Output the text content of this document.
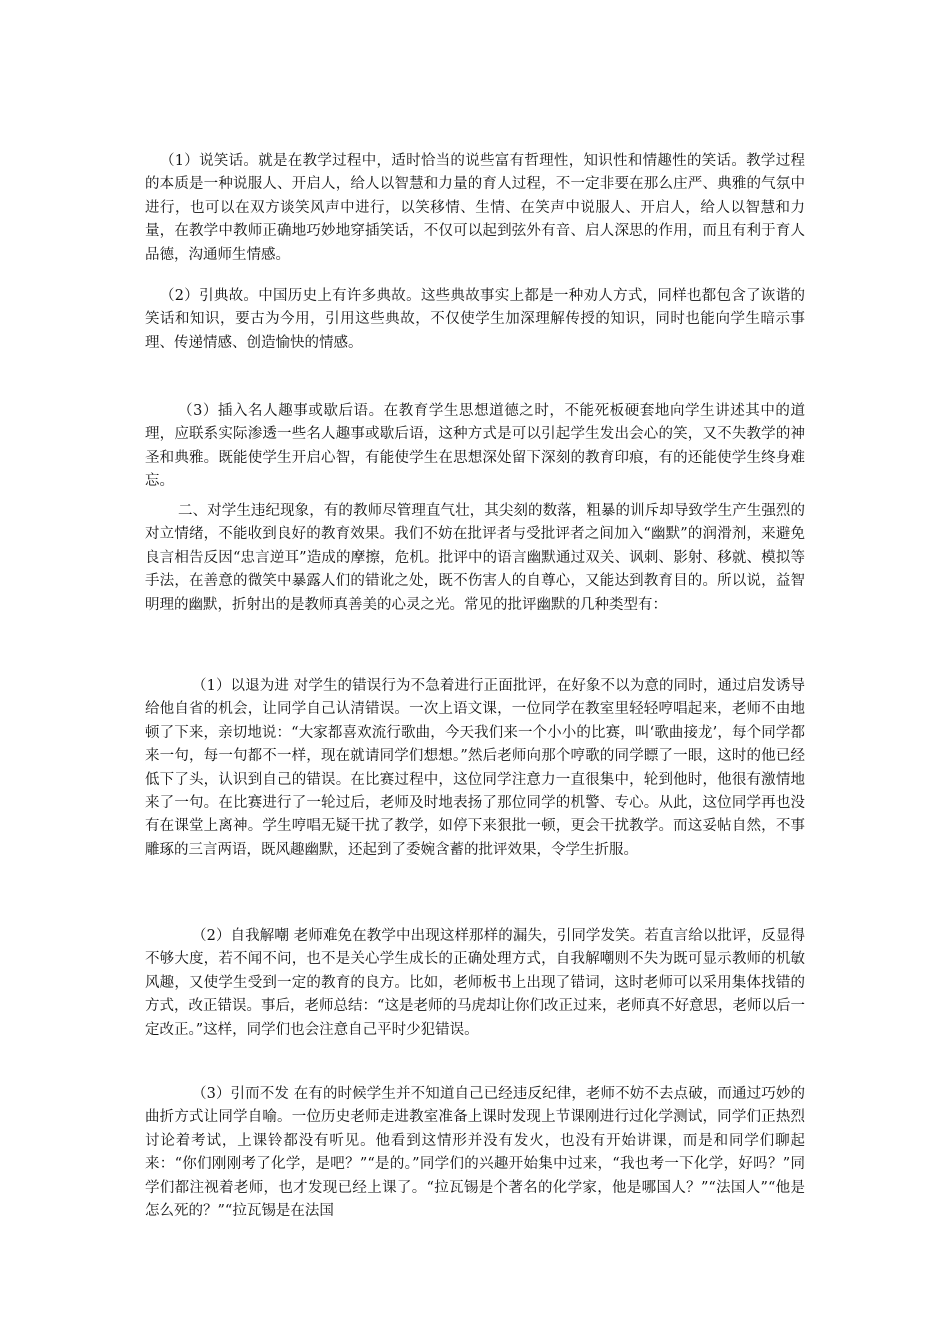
（1）说笑话。就是在教学过程中，适时恰当的说些富有哲理性，知识性和情趣性的笑话。教学过程的本质是一种说服人、开启人，给人以智慧和力量的育人过程，不一定非要在那么庄严、典雅的气氛中进行，也可以在双方谈笑风声中进行，以笑移情、生情、在笑声中说服人、开启人，给人以智慧和力量，在教学中教师正确地巧妙地穿插笑话，不仅可以起到弦外有音、启人深思的作用，而且有利于育人品德，沟通师生情感。

（2）引典故。中国历史上有许多典故。这些典故事实上都是一种劝人方式，同样也都包含了诙谐的笑话和知识，要古为今用，引用这些典故，不仅使学生加深理解传授的知识，同时也能向学生暗示事理、传递情感、创造愉快的情感。

（3）插入名人趣事或歇后语。在教育学生思想道德之时，不能死板硬套地向学生讲述其中的道理，应联系实际渗透一些名人趣事或歇后语，这种方式是可以引起学生发出会心的笑，又不失教学的神圣和典雅。既能使学生开启心智，有能使学生在思想深处留下深刻的教育印痕，有的还能使学生终身难忘。

二、对学生违纪现象，有的教师尽管理直气壮，其尖刻的数落，粗暴的训斥却导致学生产生强烈的对立情绪，不能收到良好的教育效果。我们不妨在批评者与受批评者之间加入“幽默”的润滑剂，来避免良言相告反因“忠言逆耳”造成的摩擦，危机。批评中的语言幽默通过双关、讽刺、影射、移就、模拟等手法，在善意的微笑中暴露人们的错讹之处，既不伤害人的自尊心，又能达到教育目的。所以说，益智明理的幽默，折射出的是教师真善美的心灵之光。常见的批评幽默的几种类型有：

（1）以退为进 对学生的错误行为不急着进行正面批评，在好象不以为意的同时，通过启发诱导给他自省的机会，让同学自己认清错误。一次上语文课，一位同学在教室里轻轻哼唱起来，老师不由地顿了下来，亲切地说：“大家都喜欢流行歌曲，今天我们来一个小小的比赛，叫‘歌曲接龙’，每个同学都来一句，每一句都不一样，现在就请同学们想想。”然后老师向那个哼歌的同学瞟了一眼，这时的他已经低下了头，认识到自己的错误。在比赛过程中，这位同学注意力一直很集中，轮到他时，他很有激情地来了一句。在比赛进行了一轮过后，老师及时地表扬了那位同学的机警、专心。从此，这位同学再也没有在课堂上离神。学生哼唱无疑干扰了教学，如停下来狠批一顿，更会干扰教学。而这妥帖自然，不事雕琢的三言两语，既风趣幽默，还起到了委婉含蓄的批评效果，令学生折服。

（2）自我解嘲 老师难免在教学中出现这样那样的漏失，引同学发笑。若直言给以批评，反显得不够大度，若不闻不问，也不是关心学生成长的正确处理方式，自我解嘲则不失为既可显示教师的机敏风趣，又使学生受到一定的教育的良方。比如，老师板书上出现了错词，这时老师可以采用集体找错的方式，改正错误。事后，老师总结：“这是老师的马虎却让你们改正过来，老师真不好意思，老师以后一定改正。”这样，同学们也会注意自己平时少犯错误。

（3）引而不发 在有的时候学生并不知道自己已经违反纪律，老师不妨不去点破，而通过巧妙的曲折方式让同学自喻。一位历史老师走进教室准备上课时发现上节课刚进行过化学测试，同学们正热烈讨论着考试，上课铃都没有听见。他看到这情形并没有发火，也没有开始讲课，而是和同学们聊起来：“你们刚刚考了化学，是吧？”“是的。”同学们的兴趣开始集中过来，“我也考一下化学，好吗？”同学们都注视着老师，也才发现已经上课了。“拉瓦锡是个著名的化学家，他是哪国人？”“法国人”“他是怎么死的？”“拉瓦锡是在法国
